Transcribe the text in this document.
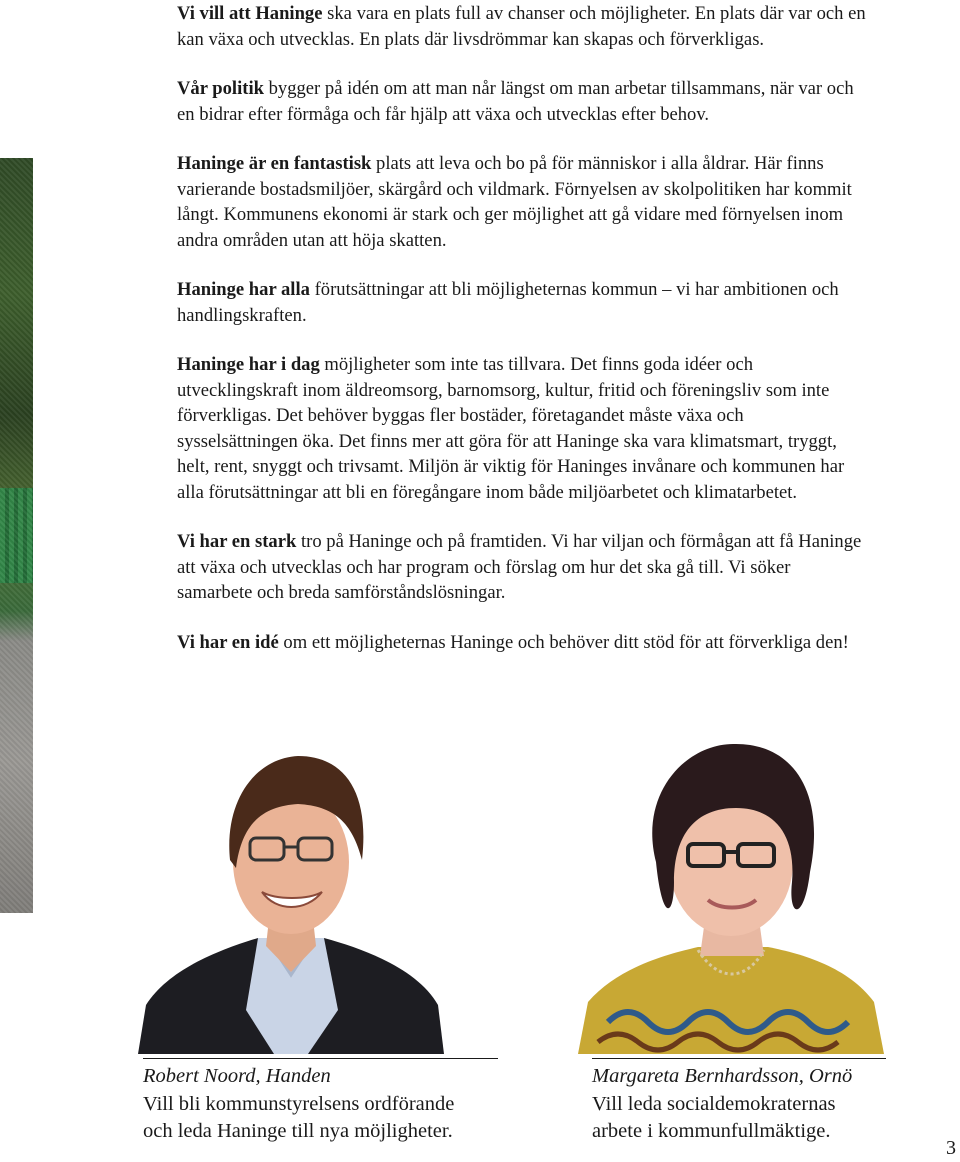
Vi vill att Haninge ska vara en plats full av chanser och möjligheter. En plats där var och en kan växa och utvecklas. En plats där livsdrömmar kan skapas och förverkligas.

Vår politik bygger på idén om att man når längst om man arbetar tillsammans, när var och en bidrar efter förmåga och får hjälp att växa och utvecklas efter behov.

Haninge är en fantastisk plats att leva och bo på för människor i alla åldrar. Här finns varierande bostadsmiljöer, skärgård och vildmark. Förnyelsen av skolpolitiken har kommit långt. Kommunens ekonomi är stark och ger möjlighet att gå vidare med förnyelsen inom andra områden utan att höja skatten.

Haninge har alla förutsättningar att bli möjligheternas kommun – vi har ambitionen och handlingskraften.

Haninge har i dag möjligheter som inte tas tillvara. Det finns goda idéer och utvecklingskraft inom äldreomsorg, barnomsorg, kultur, fritid och föreningsliv som inte förverkligas. Det behöver byggas fler bostäder, företagandet måste växa och sysselsättningen öka. Det finns mer att göra för att Haninge ska vara klimatsmart, tryggt, helt, rent, snyggt och trivsamt. Miljön är viktig för Haninges invånare och kommunen har alla förutsättningar att bli en föregångare inom både miljöarbetet och klimatarbetet.

Vi har en stark tro på Haninge och på framtiden. Vi har viljan och förmågan att få Haninge att växa och utvecklas och har program och förslag om hur det ska gå till. Vi söker samarbete och breda samförståndslösningar.

Vi har en idé om ett möjligheternas Haninge och behöver ditt stöd för att förverkliga den!

Robert Noord, Handen
Vill bli kommunstyrelsens ordförande
och leda Haninge till nya möjligheter.
Margareta Bernhardsson, Ornö
Vill leda socialdemokraternas
arbete i kommunfullmäktige.
3
